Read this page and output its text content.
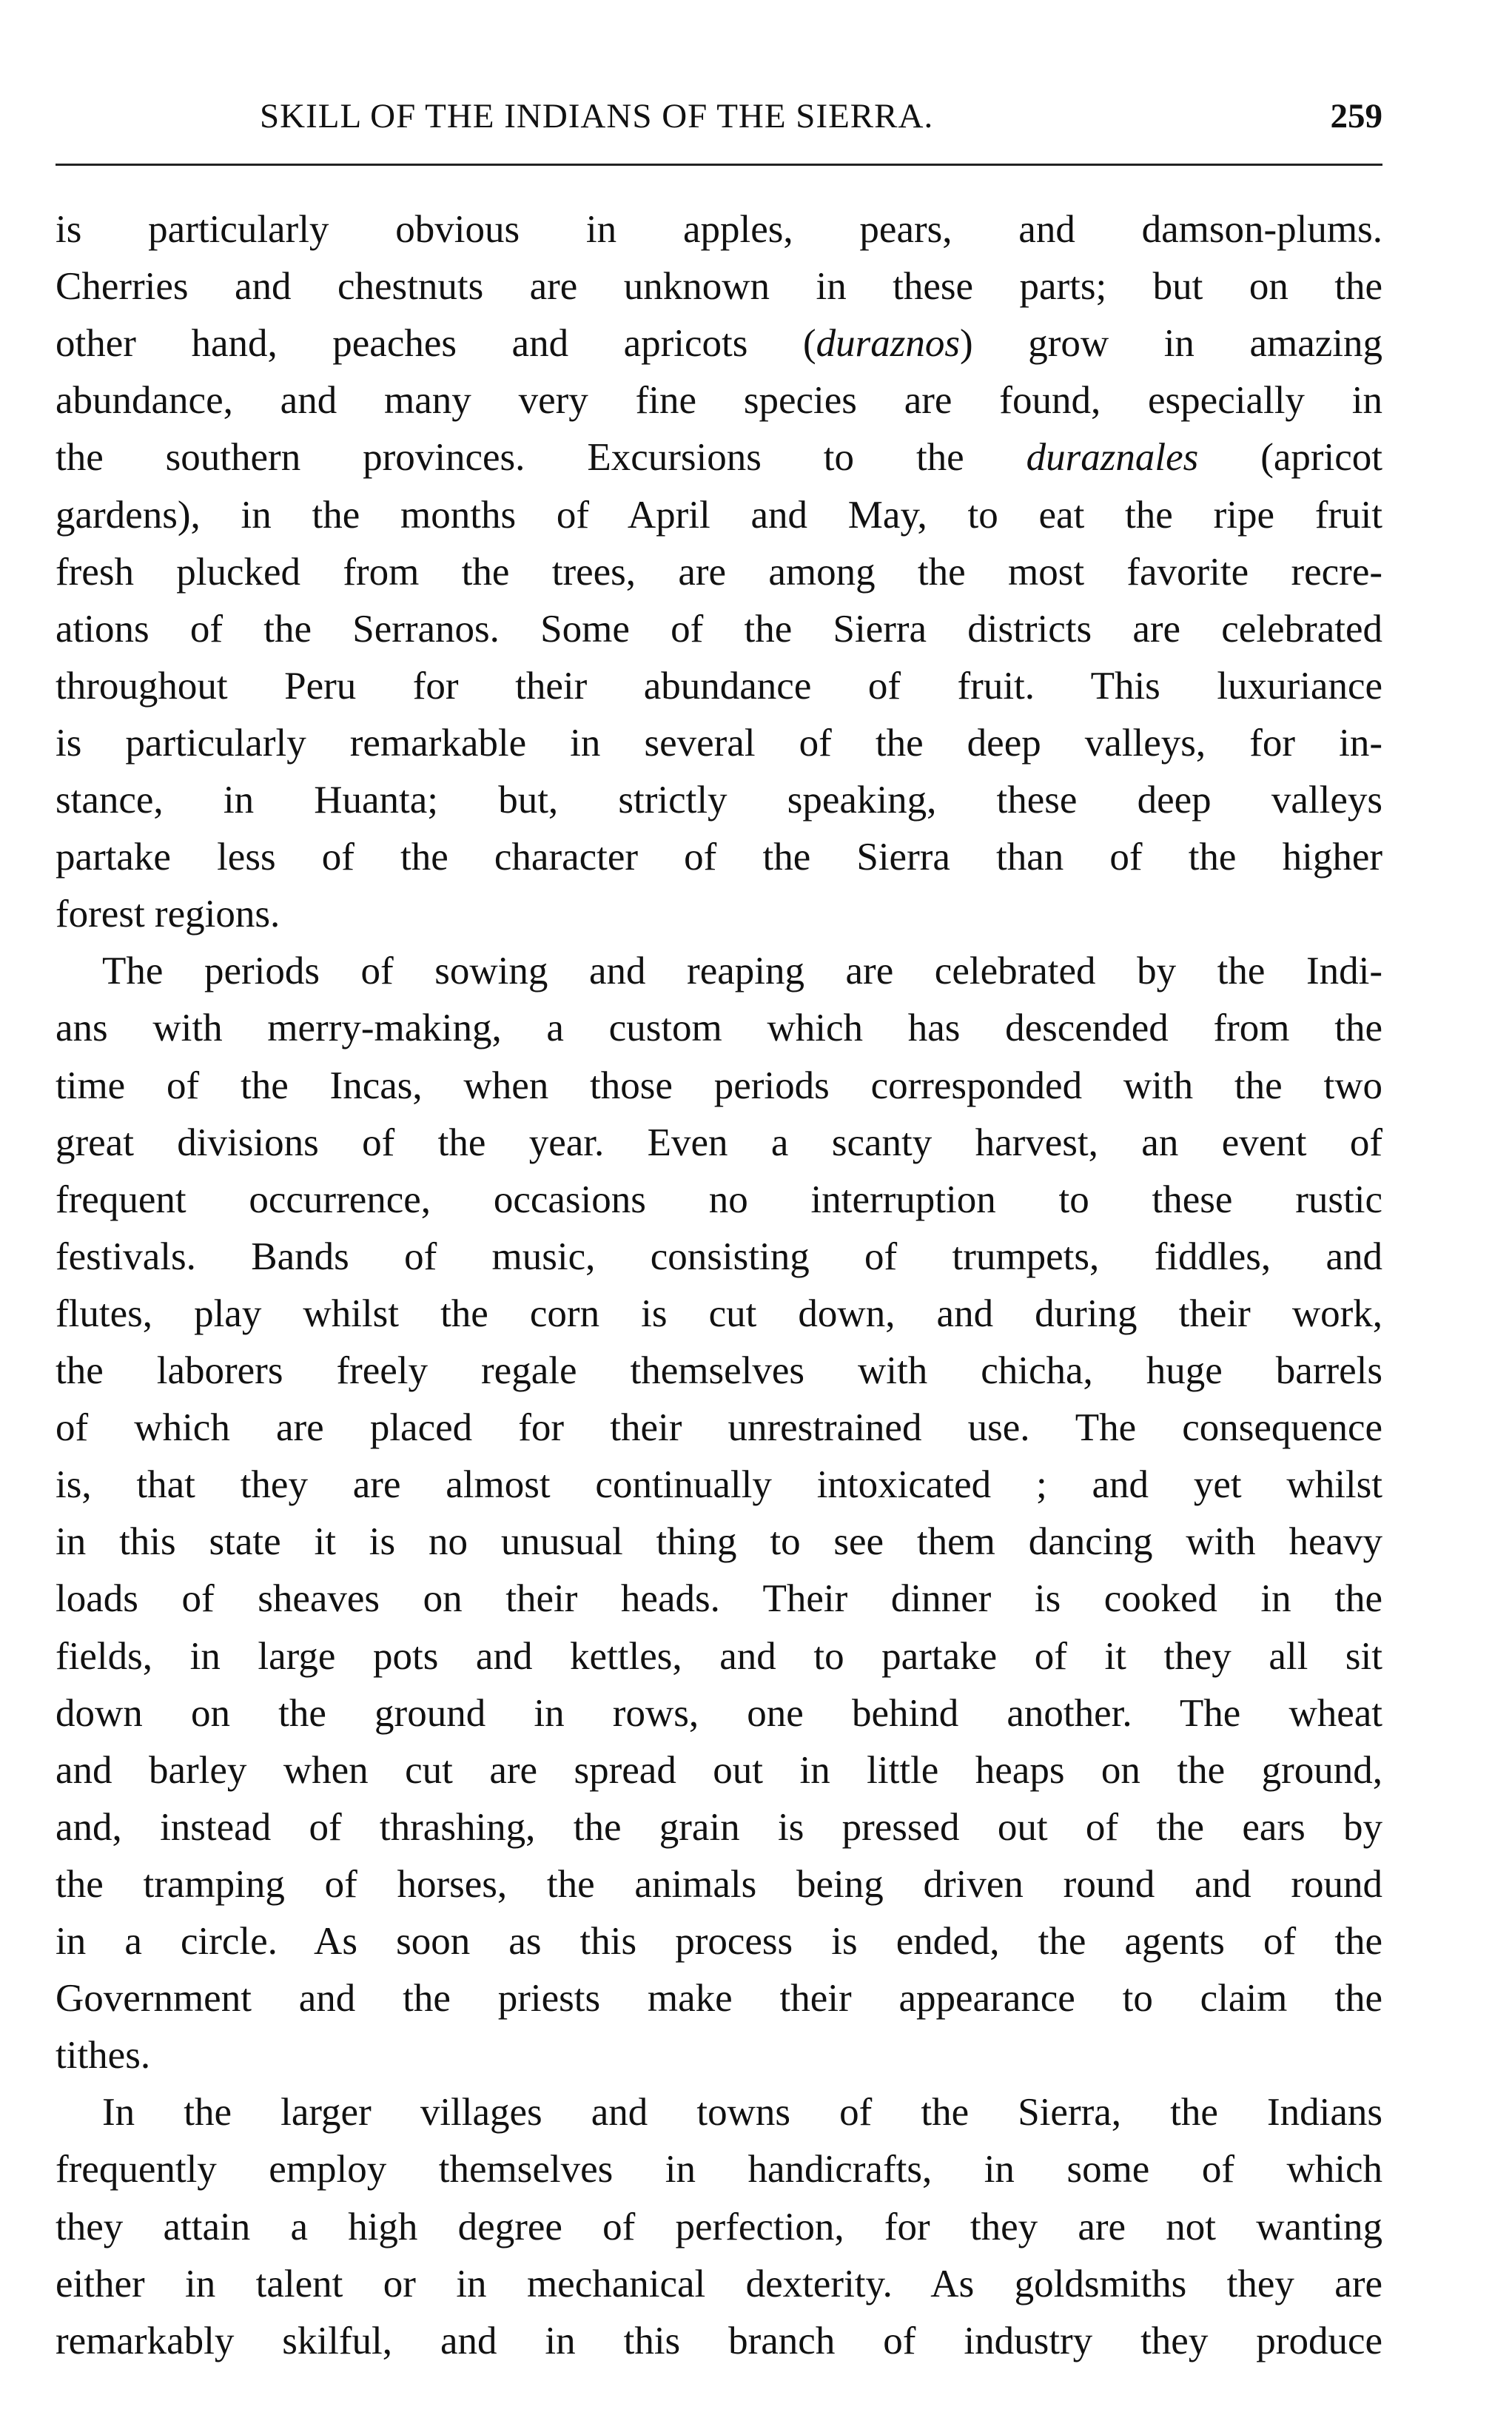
SKILL OF THE INDIANS OF THE SIERRA.	259
is particularly obvious in apples, pears, and damson-plums.
Cherries and chestnuts are unknown in these parts; but on the
other hand, peaches and apricots (duraznos) grow in amazing
abundance, and many very fine species are found, especially in
the southern provinces. Excursions to the duraznales (apricot
gardens), in the months of April and May, to eat the ripe fruit
fresh plucked from the trees, are among the most favorite recre-
ations of the Serranos. Some of the Sierra districts are celebrated
throughout Peru for their abundance of fruit. This luxuriance
is particularly remarkable in several of the deep valleys, for in-
stance, in Huanta; but, strictly speaking, these deep valleys
partake less of the character of the Sierra than of the higher
forest regions.
The periods of sowing and reaping are celebrated by the Indi-
ans with merry-making, a custom which has descended from the
time of the Incas, when those periods corresponded with the two
great divisions of the year. Even a scanty harvest, an event of
frequent occurrence, occasions no interruption to these rustic
festivals. Bands of music, consisting of trumpets, fiddles, and
flutes, play whilst the corn is cut down, and during their work,
the laborers freely regale themselves with chicha, huge barrels
of which are placed for their unrestrained use. The consequence
is, that they are almost continually intoxicated ; and yet whilst
in this state it is no unusual thing to see them dancing with heavy
loads of sheaves on their heads. Their dinner is cooked in the
fields, in large pots and kettles, and to partake of it they all sit
down on the ground in rows, one behind another. The wheat
and barley when cut are spread out in little heaps on the ground,
and, instead of thrashing, the grain is pressed out of the ears by
the tramping of horses, the animals being driven round and round
in a circle. As soon as this process is ended, the agents of the
Government and the priests make their appearance to claim the
tithes.
In the larger villages and towns of the Sierra, the Indians
frequently employ themselves in handicrafts, in some of which
they attain a high degree of perfection, for they are not wanting
either in talent or in mechanical dexterity. As goldsmiths they are
remarkably skilful, and in this branch of industry they produce
